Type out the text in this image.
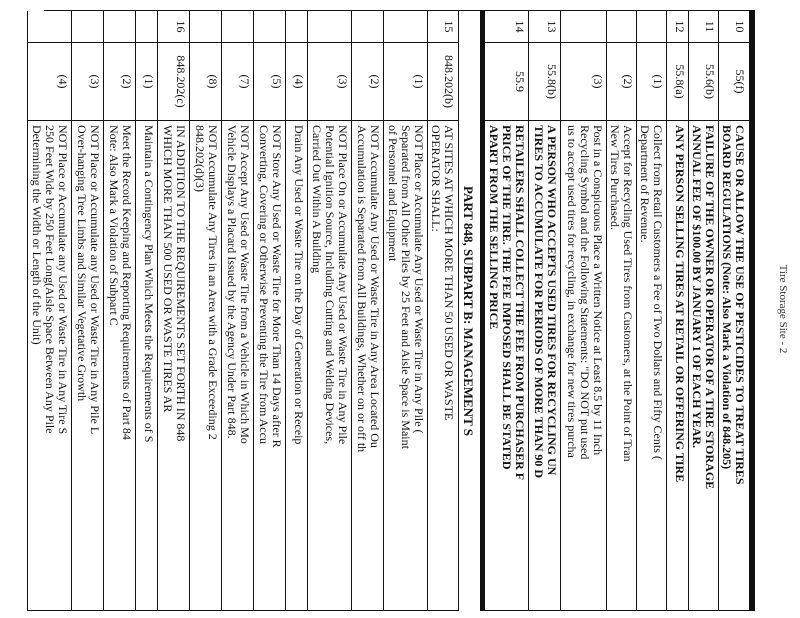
Tire Storage Site - 2
10
55(f)
CAUSE OR ALLOW THE USE OF PESTICIDES TO TREAT TIRES
BOARD REGULATIONS (Note: Also Mark a Violation of 848.205)
11
55.6(b)
FAILURE OF THE OWNER OR OPERATOR OF A TIRE STORAGE
ANNUAL FEE OF $100.00 BY JANUARY 1 OF EACH YEAR.
12
55.8(a)
ANY PERSON SELLING TIRES AT RETAIL OR OFFERING TIRE
(1)
Collect from Retail Customers a Fee of Two Dollars and Fifty Cents (
Department of Revenue.
(2)
Accept for Recycling Used Tires from Customers, at the Point of Tran
New Tires Purchased.
(3)
Post in a Conspicuous Place a Written Notice at Least 8.5 by 11 Inch
Recycling Symbol and the Following Statements: "DO NOT put used
us to accept used tires for recycling, in exchange for new tires purcha
13
55.8(b)
A PERSON WHO ACCEPTS USED TIRES FOR RECYCLING UN
TIRES TO ACCUMULATE FOR PERIODS OF MORE THAN 90 D
14
55.9
RETAILERS SHALL COLLECT THE FEE FROM PURCHASER F
PRICE OF THE TIRE. THE FEE IMPOSED SHALL BE STATED
APART FROM THE SELLING PRICE
PART 848, SUBPART B: MANAGEMENT S
15
848.202(b)
AT SITES AT WHICH MORE THAN 50 USED OR WASTE
OPERATOR SHALL:
(1)
NOT Place or Accumulate Any Used or Waste Tire in Any Pile (
Separated from All Other Piles by 25 Feet and Aisle Space is Maint
of Personnel and Equipment
(2)
NOT Accumulate Any Used or Waste Tire in Any Area Located Ou
Accumulation is Separated from All Buildings, Whether on or off th
(3)
NOT Place On or Accumulate Any Used or Waste Tire in Any Pile
Potential Ignition Source, Including Cutting and Welding Devices,
Carried Out Within A Building
(4)
Drain Any Used or Waste Tire on the Day of Generation or Receip
(5)
NOT Store Any Used or Waste Tire for More Than 14 Days after R
Converting, Covering or Otherwise Preventing the Tire from Accu
(7)
NOT Accept Any Used or Waste Tire from a Vehicle in Which Mo
Vehicle Displays a Placard Issued by the Agency Under Part 848.
(8)
NOT Accumulate Any Tires in an Area with a Grade Exceeding 2
848.202(d)(3)
16
848.202(c)
IN ADDITION TO THE REQUIREMENTS SET FORTH IN 848
WHICH MORE THAN 500 USED OR WASTE TIRES AR
(1)
Maintain a Contingency Plan Which Meets the Requirements of S
(2)
Meet the Record Keeping and Reporting Requirements of Part 84
Note: Also Mark a Violation of Subpart C
(3)
NOT Place or Accumulate any Used or Waste Tire in Any Pile L
Over-hanging Tree Limbs and Similar Vegetative Growth
(4)
NOT Place or Accumulate any Used or Waste Tire in Any Tire S
250 Feet Wide by 250 Feet Long(Aisle Space Between Any Pile
Determining the Width or Length of the Unit)
